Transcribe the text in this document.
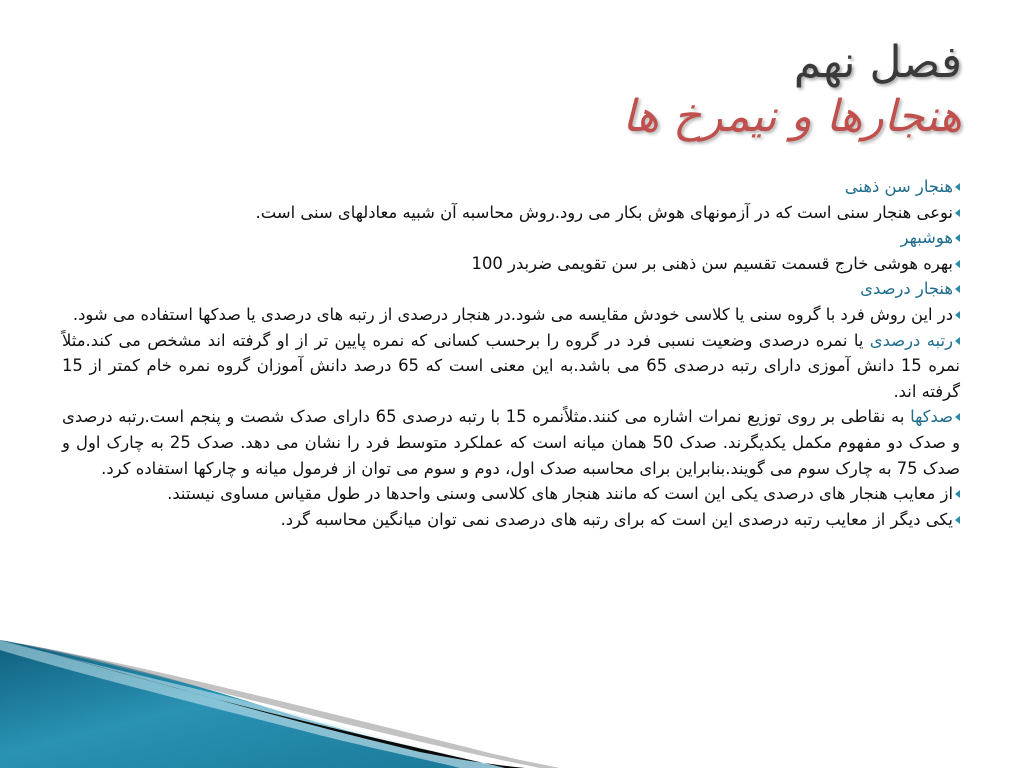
فصل نهم
هنجارها و نیمرخ ها

هنجار سن ذهنی

نوعی هنجار سنی است که در آزمونهای هوش بکار می رود.روش محاسبه آن شبیه معادلهای سنی است.

هوشبهر

بهره هوشی خارج قسمت تقسیم سن ذهنی بر سن تقویمی ضربدر 100

هنجار درصدی

در این روش فرد با گروه سنی یا کلاسی خودش مقایسه می شود.در هنجار درصدی از رتبه های درصدی یا صدکها استفاده می شود.

رتبه درصدی یا نمره درصدی وضعیت نسبی فرد در گروه را برحسب کسانی که نمره پایین تر از او گرفته اند مشخص می کند.مثلاً نمره 15 دانش آموزی دارای رتبه درصدی 65 می باشد.به این معنی است که 65 درصد دانش آموزان گروه نمره خام کمتر از 15 گرفته اند.

صدکها به نقاطی بر روی توزیع نمرات اشاره می کنند.مثلاًنمره 15 با رتبه درصدی 65 دارای صدک شصت و پنجم است.رتبه درصدی و صدک دو مفهوم مکمل یکدیگرند. صدک 50 همان میانه است که عملکرد متوسط فرد را نشان می دهد. صدک 25 به چارک اول و صدک 75 به چارک سوم می گویند.بنابراین برای محاسبه صدک اول، دوم و سوم می توان از فرمول میانه و چارکها استفاده کرد.

از معایب هنجار های درصدی یکی این است که مانند هنجار های کلاسی وسنی واحدها در طول مقیاس مساوی نیستند.

یکی دیگر از معایب رتبه درصدی این است که برای رتبه های درصدی نمی توان میانگین محاسبه گرد.
